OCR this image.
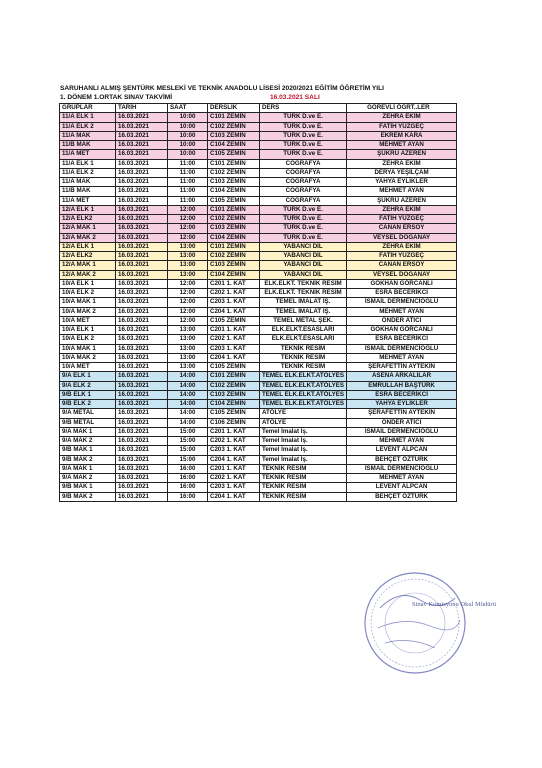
SARUHANLI ALMIŞ ŞENTÜRK MESLEKİ VE TEKNİK ANADOLU LİSESİ 2020/2021 EĞİTİM ÖĞRETİM YILI
1. DÖNEM 1.ORTAK SINAV TAKVİMİ	16.03.2021 SALI
GRUPLAR	TARİH	SAAT	DERSLİK	DERS	GÖREVLİ ÖĞRT..LER
11/A ELK 1	16.03.2021	10:00	C101 ZEMİN	TÜRK D.ve E.	ZEHRA EKİM
11/A ELK 2	16.03.2021	10:00	C102 ZEMİN	TÜRK D.ve E.	FATİH YÜZGEÇ
11/A MAK	16.03.2021	10:00	C103 ZEMİN	TÜRK D.ve E.	EKREM KARA
11/B MAK	16.03.2021	10:00	C104 ZEMİN	TÜRK D.ve E.	MEHMET AYAN
11/A MET	16.03.2021	10:00	C105 ZEMİN	TÜRK D.ve E.	ŞÜKRÜ AZEREN
11/A ELK 1	16.03.2021	11:00	C101 ZEMİN	COĞRAFYA	ZEHRA EKİM
11/A ELK 2	16.03.2021	11:00	C102 ZEMİN	COĞRAFYA	DERYA YEŞİLÇAM
11/A MAK	16.03.2021	11:00	C103 ZEMİN	COĞRAFYA	YAHYA EYLİKLER
11/B MAK	16.03.2021	11:00	C104 ZEMİN	COĞRAFYA	MEHMET AYAN
11/A MET	16.03.2021	11:00	C105 ZEMİN	COĞRAFYA	ŞÜKRÜ AZEREN
12/A ELK 1	16.03.2021	12:00	C101 ZEMİN	TÜRK D.ve E.	ZEHRA EKİM
12/A ELK2	16.03.2021	12:00	C102 ZEMİN	TÜRK D.ve E.	FATİH YÜZGEÇ
12/A MAK 1	16.03.2021	12:00	C103 ZEMİN	TÜRK D.ve E.	CANAN ERSOY
12/A MAK 2	16.03.2021	12:00	C104 ZEMİN	TÜRK D.ve E.	VEYSEL DOĞANAY
12/A ELK 1	16.03.2021	13:00	C101 ZEMİN	YABANCI DİL	ZEHRA EKİM
12/A ELK2	16.03.2021	13:00	C102 ZEMİN	YABANCI DİL	FATİH YÜZGEÇ
12/A MAK 1	16.03.2021	13:00	C103 ZEMİN	YABANCI DİL	CANAN ERSOY
12/A MAK 2	16.03.2021	13:00	C104 ZEMİN	YABANCI DİL	VEYSEL DOĞANAY
10/A ELK 1	16.03.2021	12:00	C201 1. KAT	ELK.ELKT. TEKNİK RESİM	GÖKHAN GÖRCANLI
10/A ELK 2	16.03.2021	12:00	C202 1. KAT	ELK.ELKT. TEKNİK RESİM	ESRA BECERİKCİ
10/A MAK 1	16.03.2021	12:00	C203 1. KAT	TEMEL İMALAT İŞ.	İSMAİL DERMENCİOĞLU
10/A MAK 2	16.03.2021	12:00	C204 1. KAT	TEMEL İMALAT İŞ.	MEHMET AYAN
10/A MET	16.03.2021	12:00	C105 ZEMİN	TEMEL METAL ŞEK.	ÖNDER ATICI
10/A ELK 1	16.03.2021	13:00	C201 1. KAT	ELK.ELKT.ESASLARI	GÖKHAN GÖRCANLI
10/A ELK 2	16.03.2021	13:00	C202 1. KAT	ELK.ELKT.ESASLARI	ESRA BECERİKCİ
10/A MAK 1	16.03.2021	13:00	C203 1. KAT	TEKNİK RESİM	İSMAİL DERMENCİOĞLU
10/A MAK 2	16.03.2021	13:00	C204 1. KAT	TEKNİK RESİM	MEHMET AYAN
10/A MET	16.03.2021	13:00	C105 ZEMİN	TEKNİK RESİM	ŞERAFETTİN AYTEKİN
9/A ELK 1	16.03.2021	14:00	C101 ZEMİN	TEMEL ELK.ELKT.ATÖLYES	ASENA ARKALILAR
9/A ELK 2	16.03.2021	14:00	C102 ZEMİN	TEMEL ELK.ELKT.ATÖLYES	EMRULLAH BAŞTÜRK
9/B ELK 1	16.03.2021	14:00	C103 ZEMİN	TEMEL ELK.ELKT.ATÖLYES	ESRA BECERİKCİ
9/B ELK 2	16.03.2021	14:00	C104 ZEMİN	TEMEL ELK.ELKT.ATÖLYES	YAHYA EYLİKLER
9/A METAL	16.03.2021	14:00	C105 ZEMİN	ATÖLYE	ŞERAFETTİN AYTEKİN
9/B METAL	16.03.2021	14:00	C106 ZEMİN	ATÖLYE	ÖNDER ATICI
9/A MAK 1	16.03.2021	15:00	C201 1. KAT	Temel İmalat İş.	İSMAİL DERMENCİOĞLU
9/A MAK 2	16.03.2021	15:00	C202 1. KAT	Temel İmalat İş.	MEHMET AYAN
9/B MAK 1	16.03.2021	15:00	C203 1. KAT	Temel İmalat İş.	LEVENT ALPCAN
9/B MAK 2	16.03.2021	15:00	C204 1. KAT	Temel İmalat İş.	BEHÇET ÖZTÜRK
9/A MAK 1	16.03.2021	16:00	C201 1. KAT	TEKNİK RESİM	İSMAİL DERMENCİOĞLU
9/A MAK 2	16.03.2021	16:00	C202 1. KAT	TEKNİK RESİM	MEHMET AYAN
9/B MAK 1	16.03.2021	16:00	C203 1. KAT	TEKNİK RESİM	LEVENT ALPCAN
9/B MAK 2	16.03.2021	16:00	C204 1. KAT	TEKNİK RESİM	BEHÇET ÖZTÜRK
Sinav Komisyonu Okul Müdürü
